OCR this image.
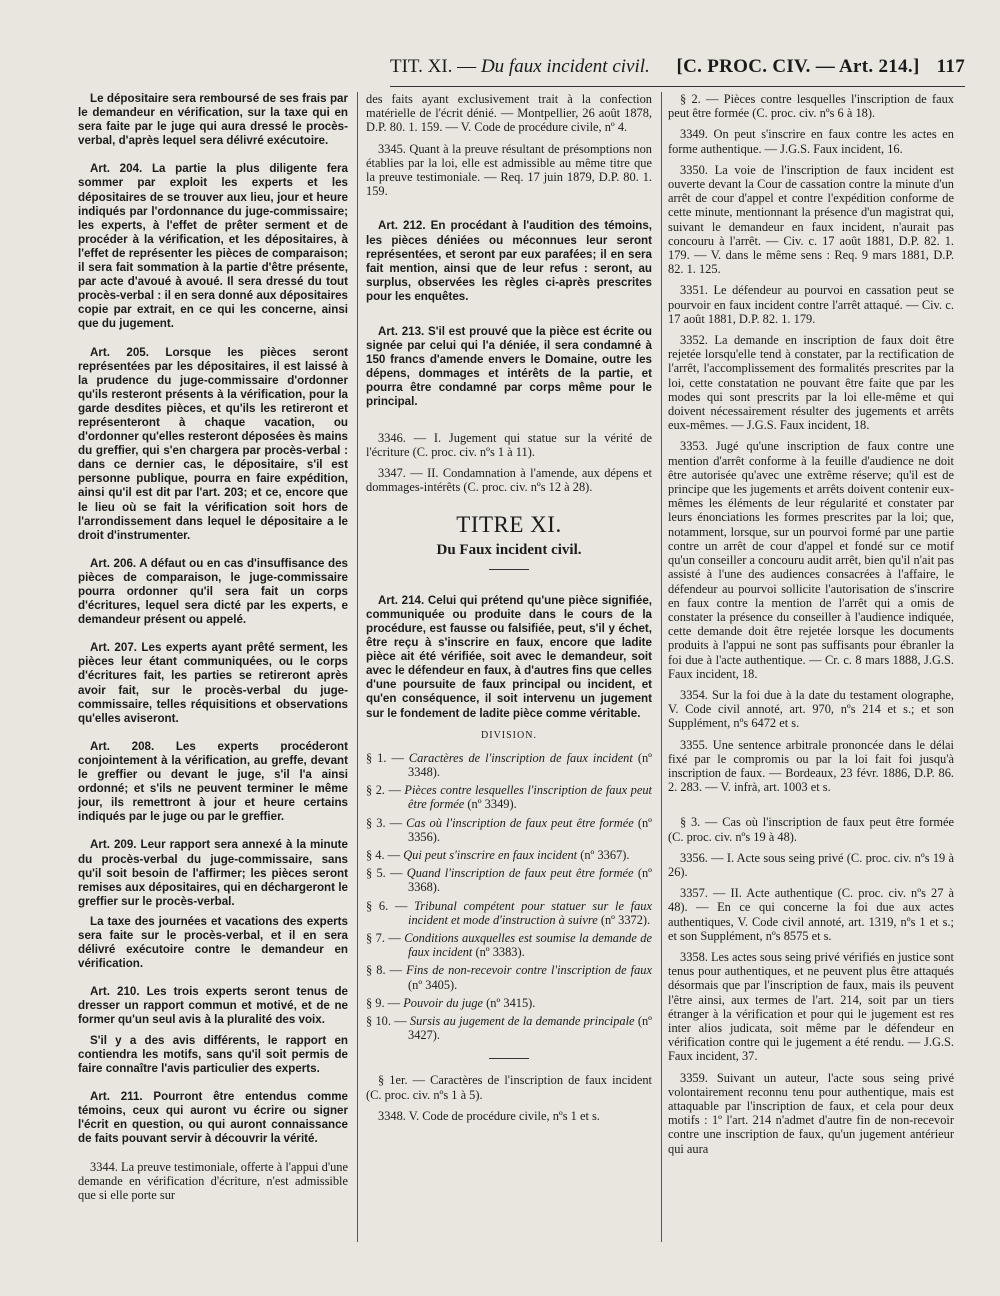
TIT. XI. — Du faux incident civil. [C. PROC. CIV. — Art. 214.] 117

Le dépositaire sera remboursé de ses frais par le demandeur en vérification, sur la taxe qui en sera faite par le juge qui aura dressé le procès-verbal, d'après lequel sera délivré exécutoire.

Art. 204. La partie la plus diligente fera sommer par exploit les experts et les dépositaires de se trouver aux lieu, jour et heure indiqués par l'ordonnance du juge-commissaire; les experts, à l'effet de prêter serment et de procéder à la vérification, et les dépositaires, à l'effet de représenter les pièces de comparaison; il sera fait sommation à la partie d'être présente, par acte d'avoué à avoué. Il sera dressé du tout procès-verbal : il en sera donné aux dépositaires copie par extrait, en ce qui les concerne, ainsi que du jugement.

Art. 205. Lorsque les pièces seront représentées par les dépositaires, il est laissé à la prudence du juge-commissaire d'ordonner qu'ils resteront présents à la vérification, pour la garde desdites pièces, et qu'ils les retireront et représenteront à chaque vacation, ou d'ordonner qu'elles resteront déposées ès mains du greffier, qui s'en chargera par procès-verbal : dans ce dernier cas, le dépositaire, s'il est personne publique, pourra en faire expédition, ainsi qu'il est dit par l'art. 203; et ce, encore que le lieu où se fait la vérification soit hors de l'arrondissement dans lequel le dépositaire a le droit d'instrumenter.

Art. 206. A défaut ou en cas d'insuffisance des pièces de comparaison, le juge-commissaire pourra ordonner qu'il sera fait un corps d'écritures, lequel sera dicté par les experts, e demandeur présent ou appelé.

Art. 207. Les experts ayant prêté serment, les pièces leur étant communiquées, ou le corps d'écritures fait, les parties se retireront après avoir fait, sur le procès-verbal du juge-commissaire, telles réquisitions et observations qu'elles aviseront.

Art. 208. Les experts procéderont conjointement à la vérification, au greffe, devant le greffier ou devant le juge, s'il l'a ainsi ordonné; et s'ils ne peuvent terminer le même jour, ils remettront à jour et heure certains indiqués par le juge ou par le greffier.

Art. 209. Leur rapport sera annexé à la minute du procès-verbal du juge-commissaire, sans qu'il soit besoin de l'affirmer; les pièces seront remises aux dépositaires, qui en déchargeront le greffier sur le procès-verbal.

La taxe des journées et vacations des experts sera faite sur le procès-verbal, et il en sera délivré exécutoire contre le demandeur en vérification.

Art. 210. Les trois experts seront tenus de dresser un rapport commun et motivé, et de ne former qu'un seul avis à la pluralité des voix.

S'il y a des avis différents, le rapport en contiendra les motifs, sans qu'il soit permis de faire connaître l'avis particulier des experts.

Art. 211. Pourront être entendus comme témoins, ceux qui auront vu écrire ou signer l'écrit en question, ou qui auront connaissance de faits pouvant servir à découvrir la vérité.

3344. La preuve testimoniale, offerte à l'appui d'une demande en vérification d'écriture, n'est admissible que si elle porte sur

des faits ayant exclusivement trait à la confection matérielle de l'écrit dénié. — Montpellier, 26 août 1878, D.P. 80. 1. 159. — V. Code de procédure civile, nº 4.

3345. Quant à la preuve résultant de présomptions non établies par la loi, elle est admissible au même titre que la preuve testimoniale. — Req. 17 juin 1879, D.P. 80. 1. 159.

Art. 212. En procédant à l'audition des témoins, les pièces déniées ou méconnues leur seront représentées, et seront par eux parafées; il en sera fait mention, ainsi que de leur refus : seront, au surplus, observées les règles ci-après prescrites pour les enquêtes.

Art. 213. S'il est prouvé que la pièce est écrite ou signée par celui qui l'a déniée, il sera condamné à 150 francs d'amende envers le Domaine, outre les dépens, dommages et intérêts de la partie, et pourra être condamné par corps même pour le principal.

3346. — I. Jugement qui statue sur la vérité de l'écriture (C. proc. civ. nºs 1 à 11).

3347. — II. Condamnation à l'amende, aux dépens et dommages-intérêts (C. proc. civ. nºs 12 à 28).

TITRE XI.
Du Faux incident civil.

Art. 214. Celui qui prétend qu'une pièce signifiée, communiquée ou produite dans le cours de la procédure, est fausse ou falsifiée, peut, s'il y échet, être reçu à s'inscrire en faux, encore que ladite pièce ait été vérifiée, soit avec le demandeur, soit avec le défendeur en faux, à d'autres fins que celles d'une poursuite de faux principal ou incident, et qu'en conséquence, il soit intervenu un jugement sur le fondement de ladite pièce comme véritable.

DIVISION.
§ 1. — Caractères de l'inscription de faux incident (nº 3348).
§ 2. — Pièces contre lesquelles l'inscription de faux peut être formée (nº 3349).
§ 3. — Cas où l'inscription de faux peut être formée (nº 3356).
§ 4. — Qui peut s'inscrire en faux incident (nº 3367).
§ 5. — Quand l'inscription de faux peut être formée (nº 3368).
§ 6. — Tribunal compétent pour statuer sur le faux incident et mode d'instruction à suivre (nº 3372).
§ 7. — Conditions auxquelles est soumise la demande de faux incident (nº 3383).
§ 8. — Fins de non-recevoir contre l'inscription de faux (nº 3405).
§ 9. — Pouvoir du juge (nº 3415).
§ 10. — Sursis au jugement de la demande principale (nº 3427).

§ 1er. — Caractères de l'inscription de faux incident (C. proc. civ. nºs 1 à 5).

3348. V. Code de procédure civile, nºs 1 et s.

§ 2. — Pièces contre lesquelles l'inscription de faux peut être formée (C. proc. civ. nºs 6 à 18).

3349. On peut s'inscrire en faux contre les actes en forme authentique. — J.G.S. Faux incident, 16.

3350. La voie de l'inscription de faux incident est ouverte devant la Cour de cassation contre la minute d'un arrêt de cour d'appel et contre l'expédition conforme de cette minute, mentionnant la présence d'un magistrat qui, suivant le demandeur en faux incident, n'aurait pas concouru à l'arrêt. — Civ. c. 17 août 1881, D.P. 82. 1. 179. — V. dans le même sens : Req. 9 mars 1881, D.P. 82. 1. 125.

3351. Le défendeur au pourvoi en cassation peut se pourvoir en faux incident contre l'arrêt attaqué. — Civ. c. 17 août 1881, D.P. 82. 1. 179.

3352. La demande en inscription de faux doit être rejetée lorsqu'elle tend à constater, par la rectification de l'arrêt, l'accomplissement des formalités prescrites par la loi, cette constatation ne pouvant être faite que par les modes qui sont prescrits par la loi elle-même et qui doivent nécessairement résulter des jugements et arrêts eux-mêmes. — J.G.S. Faux incident, 18.

3353. Jugé qu'une inscription de faux contre une mention d'arrêt conforme à la feuille d'audience ne doit être autorisée qu'avec une extrême réserve; qu'il est de principe que les jugements et arrêts doivent contenir eux-mêmes les éléments de leur régularité et constater par leurs énonciations les formes prescrites par la loi; que, notamment, lorsque, sur un pourvoi formé par une partie contre un arrêt de cour d'appel et fondé sur ce motif qu'un conseiller a concouru audit arrêt, bien qu'il n'ait pas assisté à l'une des audiences consacrées à l'affaire, le défendeur au pourvoi sollicite l'autorisation de s'inscrire en faux contre la mention de l'arrêt qui a omis de constater la présence du conseiller à l'audience indiquée, cette demande doit être rejetée lorsque les documents produits à l'appui ne sont pas suffisants pour ébranler la foi due à l'acte authentique. — Cr. c. 8 mars 1888, J.G.S. Faux incident, 18.

3354. Sur la foi due à la date du testament olographe, V. Code civil annoté, art. 970, nºs 214 et s.; et son Supplément, nºs 6472 et s.

3355. Une sentence arbitrale prononcée dans le délai fixé par le compromis ou par la loi fait foi jusqu'à inscription de faux. — Bordeaux, 23 févr. 1886, D.P. 86. 2. 283. — V. infrà, art. 1003 et s.

§ 3. — Cas où l'inscription de faux peut être formée (C. proc. civ. nºs 19 à 48).

3356. — I. Acte sous seing privé (C. proc. civ. nºs 19 à 26).

3357. — II. Acte authentique (C. proc. civ. nºs 27 à 48). — En ce qui concerne la foi due aux actes authentiques, V. Code civil annoté, art. 1319, nºs 1 et s.; et son Supplément, nºs 8575 et s.

3358. Les actes sous seing privé vérifiés en justice sont tenus pour authentiques, et ne peuvent plus être attaqués désormais que par l'inscription de faux, mais ils peuvent l'être ainsi, aux termes de l'art. 214, soit par un tiers étranger à la vérification et pour qui le jugement est res inter alios judicata, soit même par le défendeur en vérification contre qui le jugement a été rendu. — J.G.S. Faux incident, 37.

3359. Suivant un auteur, l'acte sous seing privé volontairement reconnu tenu pour authentique, mais est attaquable par l'inscription de faux, et cela pour deux motifs : 1º l'art. 214 n'admet d'autre fin de non-recevoir contre une inscription de faux, qu'un jugement antérieur qui aura
